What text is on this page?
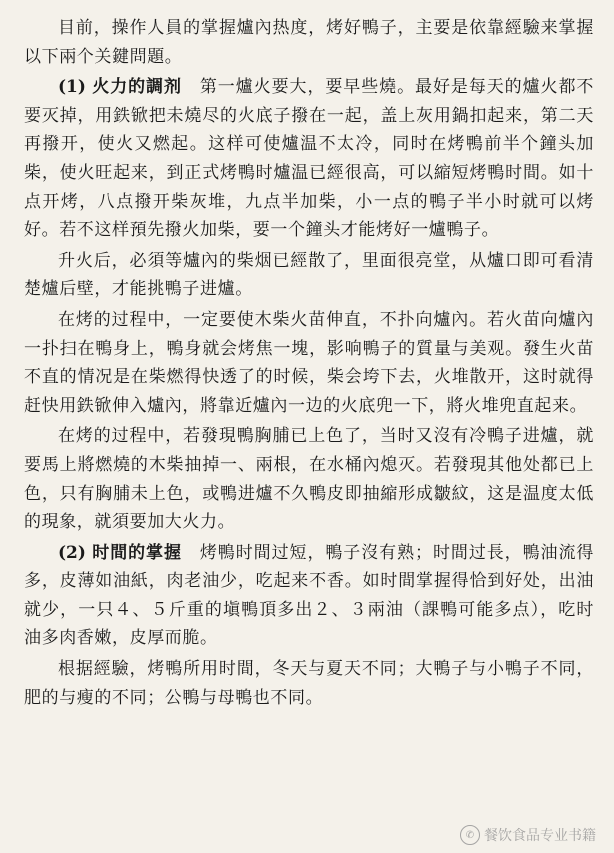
目前，操作人員的掌握爐內热度，烤好鴨子，主要是依靠經驗来掌握以下兩个关鍵問題。

(1) 火力的調剂　 第一爐火要大，要早些燒。最好是每天的爐火都不要灭掉，用鉄锨把未燒尽的火底子撥在一起，盖上灰用鍋扣起来，第二天再撥开，使火又燃起。这样可使爐温不太冷，同时在烤鴨前半个鐘头加柴，使火旺起来，到正式烤鴨时爐温已經很高，可以縮短烤鴨时間。如十点开烤，八点撥开柴灰堆，九点半加柴，小一点的鴨子半小时就可以烤好。若不这样預先撥火加柴，要一个鐘头才能烤好一爐鴨子。

升火后，必須等爐內的柴烟已經散了，里面很亮堂，从爐口即可看清楚爐后壁，才能挑鴨子进爐。

在烤的过程中，一定要使木柴火苗伸直，不扑向爐內。若火苗向爐內一扑扫在鴨身上，鴨身就会烤焦一塊，影响鴨子的質量与美观。發生火苗不直的情况是在柴燃得快透了的时候，柴会垮下去，火堆散开，这时就得赶快用鉄锨伸入爐內，將靠近爐內一边的火底兜一下，將火堆兜直起来。

在烤的过程中，若發現鴨胸脯已上色了，当时又沒有冷鴨子进爐，就要馬上將燃燒的木柴抽掉一、兩根，在水桶內熄灭。若發現其他处都已上色，只有胸脯未上色，或鴨进爐不久鴨皮即抽縮形成皺紋，这是温度太低的現象，就須要加大火力。

(2) 时間的掌握　 烤鴨时間过短，鴨子沒有熟；时間过長，鴨油流得多，皮薄如油紙，肉老油少，吃起来不香。如时間掌握得恰到好处，出油就少，一只４、５斤重的塡鴨頂多出２、３兩油（課鴨可能多点），吃时油多肉香嫩，皮厚而脆。

根据經驗，烤鴨所用时間，冬天与夏天不同；大鴨子与小鴨子不同，肥的与瘦的不同；公鴨与母鴨也不同。

✆ 餐饮食品专业书籍
